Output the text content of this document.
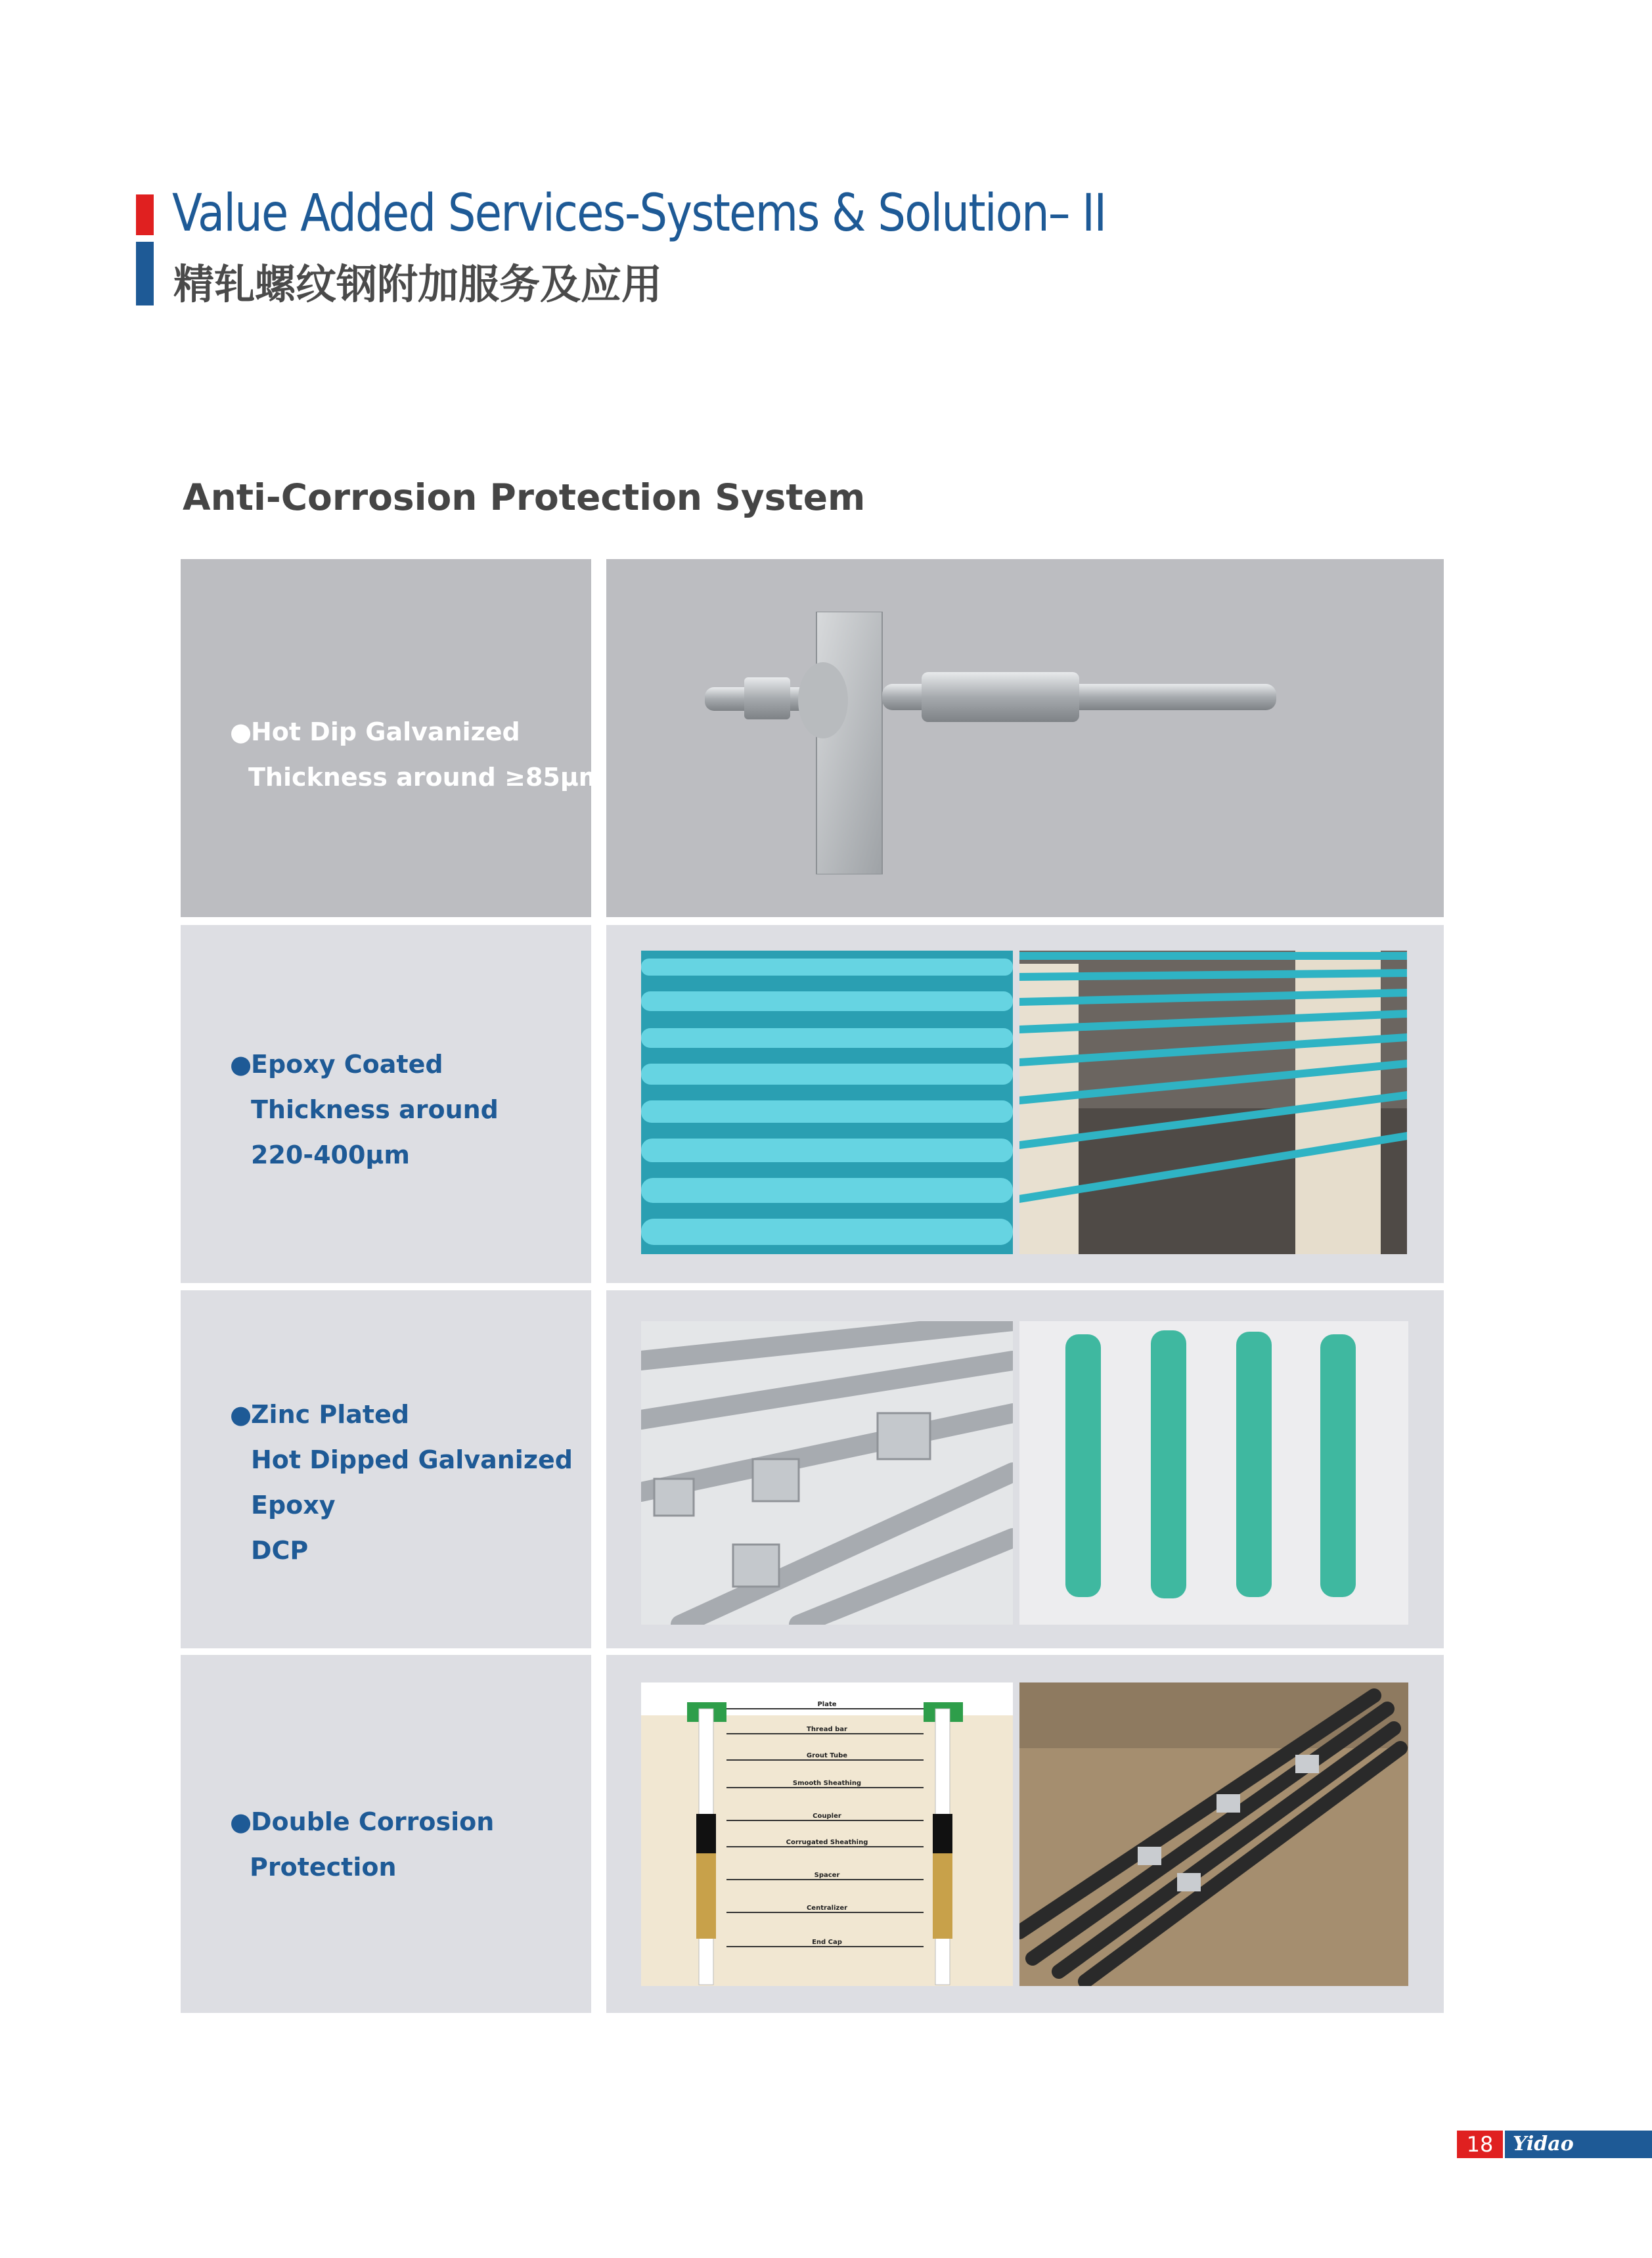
Value Added Services-Systems & Solution– II
精轧螺纹钢附加服务及应用
Anti-Corrosion Protection System
●Hot Dip Galvanized
Thickness around ≥85μm
●Epoxy Coated
Thickness around
220-400μm
●Zinc Plated
Hot Dipped Galvanized
Epoxy
DCP
●Double Corrosion
Protection
Plate
Thread bar
Grout Tube
Smooth Sheathing
Coupler
Corrugated Sheathing
Spacer
Centralizer
End Cap
18 Yidao
